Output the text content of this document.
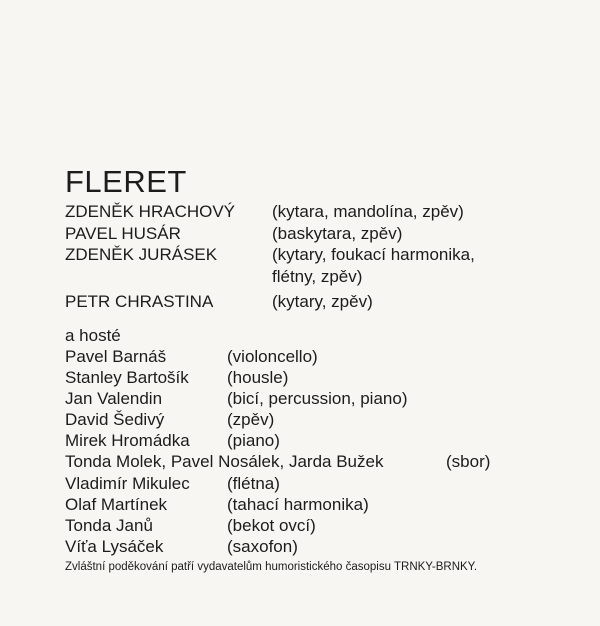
FLERET
ZDENĚK HRACHOVÝ (kytara, mandolína, zpěv)
PAVEL HUSÁR	(baskytara, zpěv)
ZDENĚK JURÁSEK	(kytary, foukací harmonika, flétny, zpěv)
PETR CHRASTINA	(kytary, zpěv)
a hosté
Pavel Barnáš	(violoncello)
Stanley Bartošík (housle)
Jan Valendin	(bicí, percussion, piano)
David Šedivý	(zpěv)
Mirek Hromádka (piano)
Tonda Molek, Pavel Nosálek, Jarda Bužek	(sbor)
Vladimír Mikulec (flétna)
Olaf Martínek	(tahací harmonika)
Tonda Janů	(bekot ovcí)
Víťa Lysáček	(saxofon)
Zvláštní poděkování patří vydavatelům humoristického časopisu TRNKY-BRNKY.
